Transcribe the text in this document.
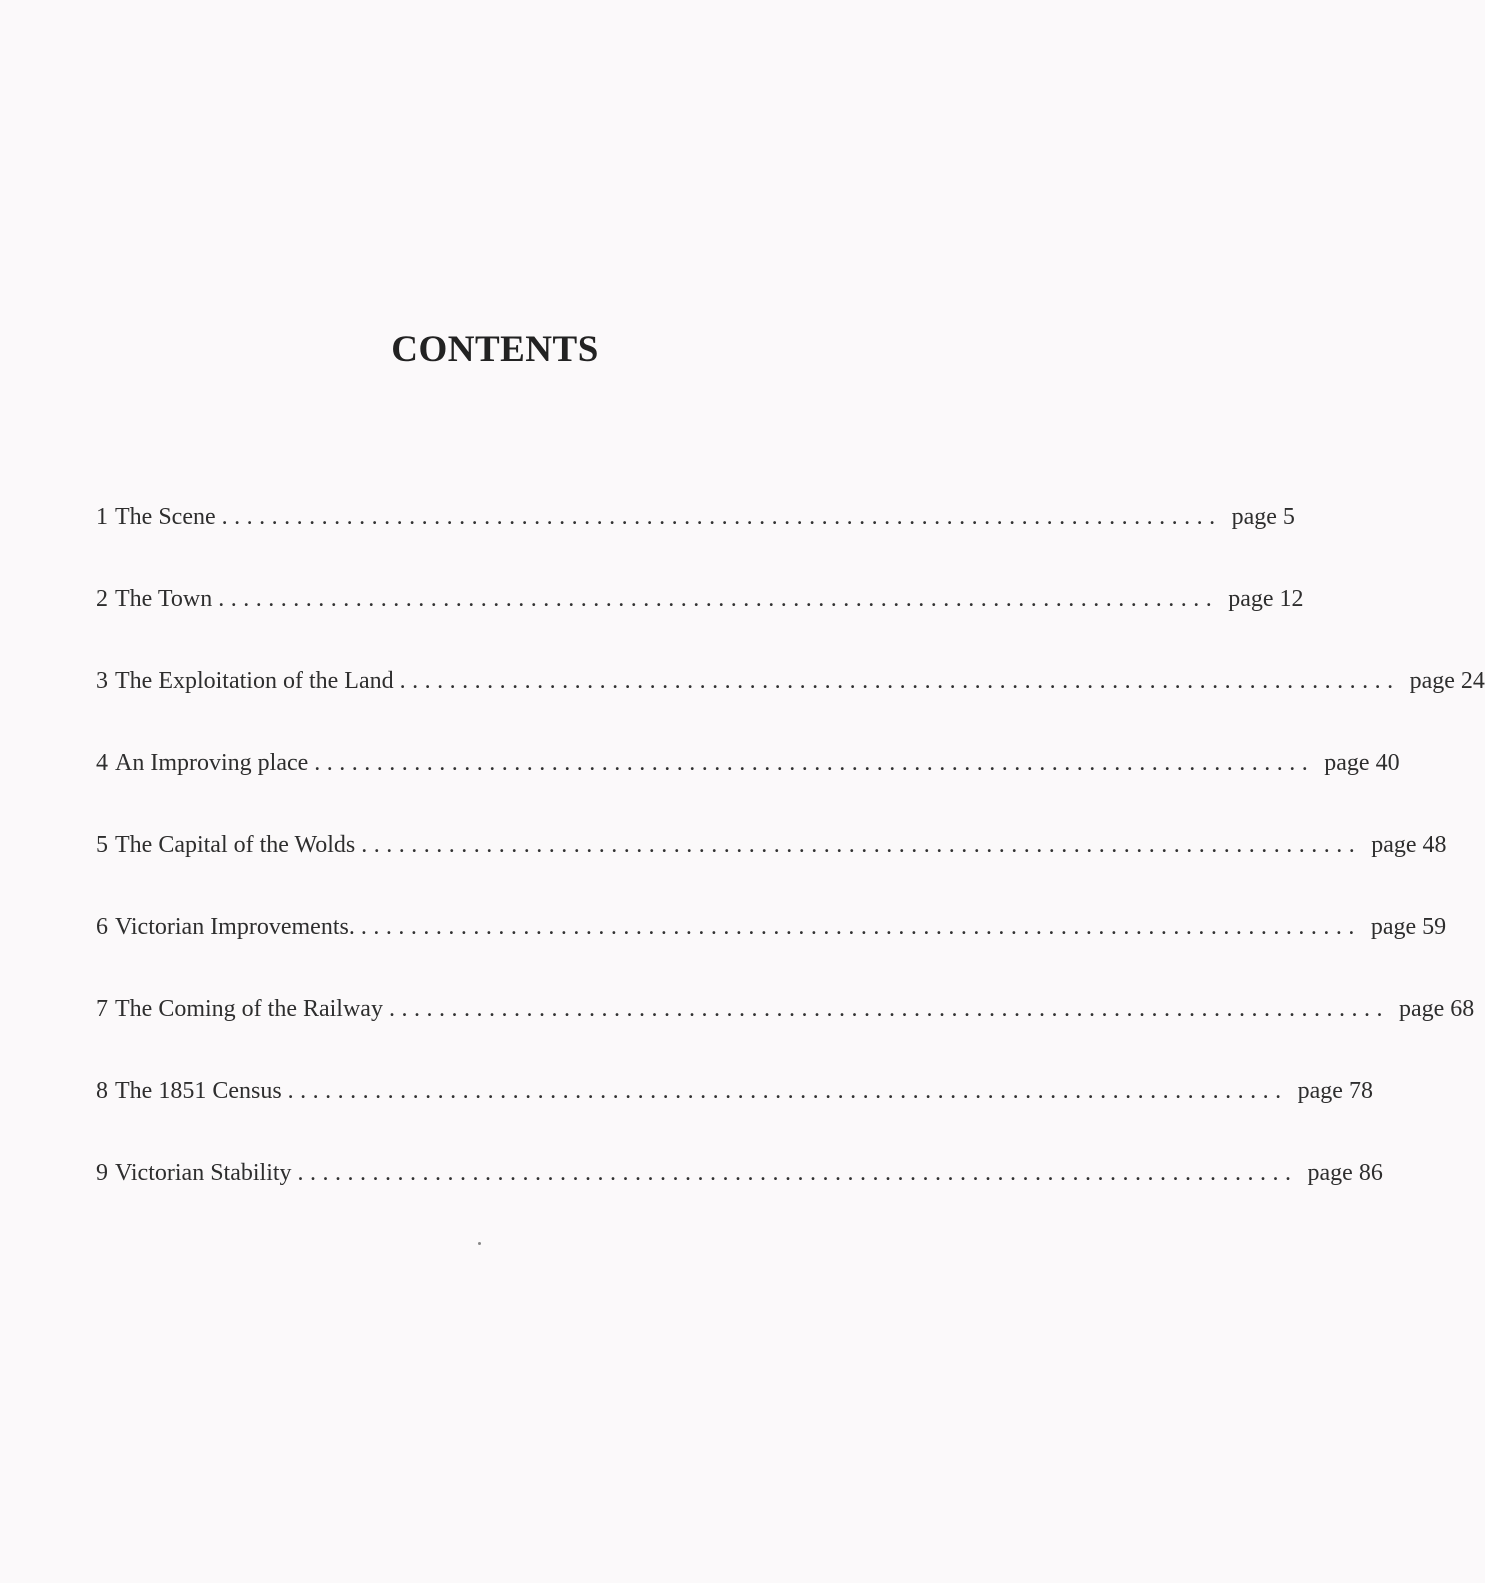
CONTENTS
1 The Scene ................................................................................ page 5
2 The Town ................................................................................ page 12
3 The Exploitation of the Land ................................................................................ page 24
4 An Improving place ................................................................................ page 40
5 The Capital of the Wolds ................................................................................ page 48
6 Victorian Improvements. ................................................................................ page 59
7 The Coming of the Railway ................................................................................ page 68
8 The 1851 Census ................................................................................ page 78
9 Victorian Stability ................................................................................ page 86
